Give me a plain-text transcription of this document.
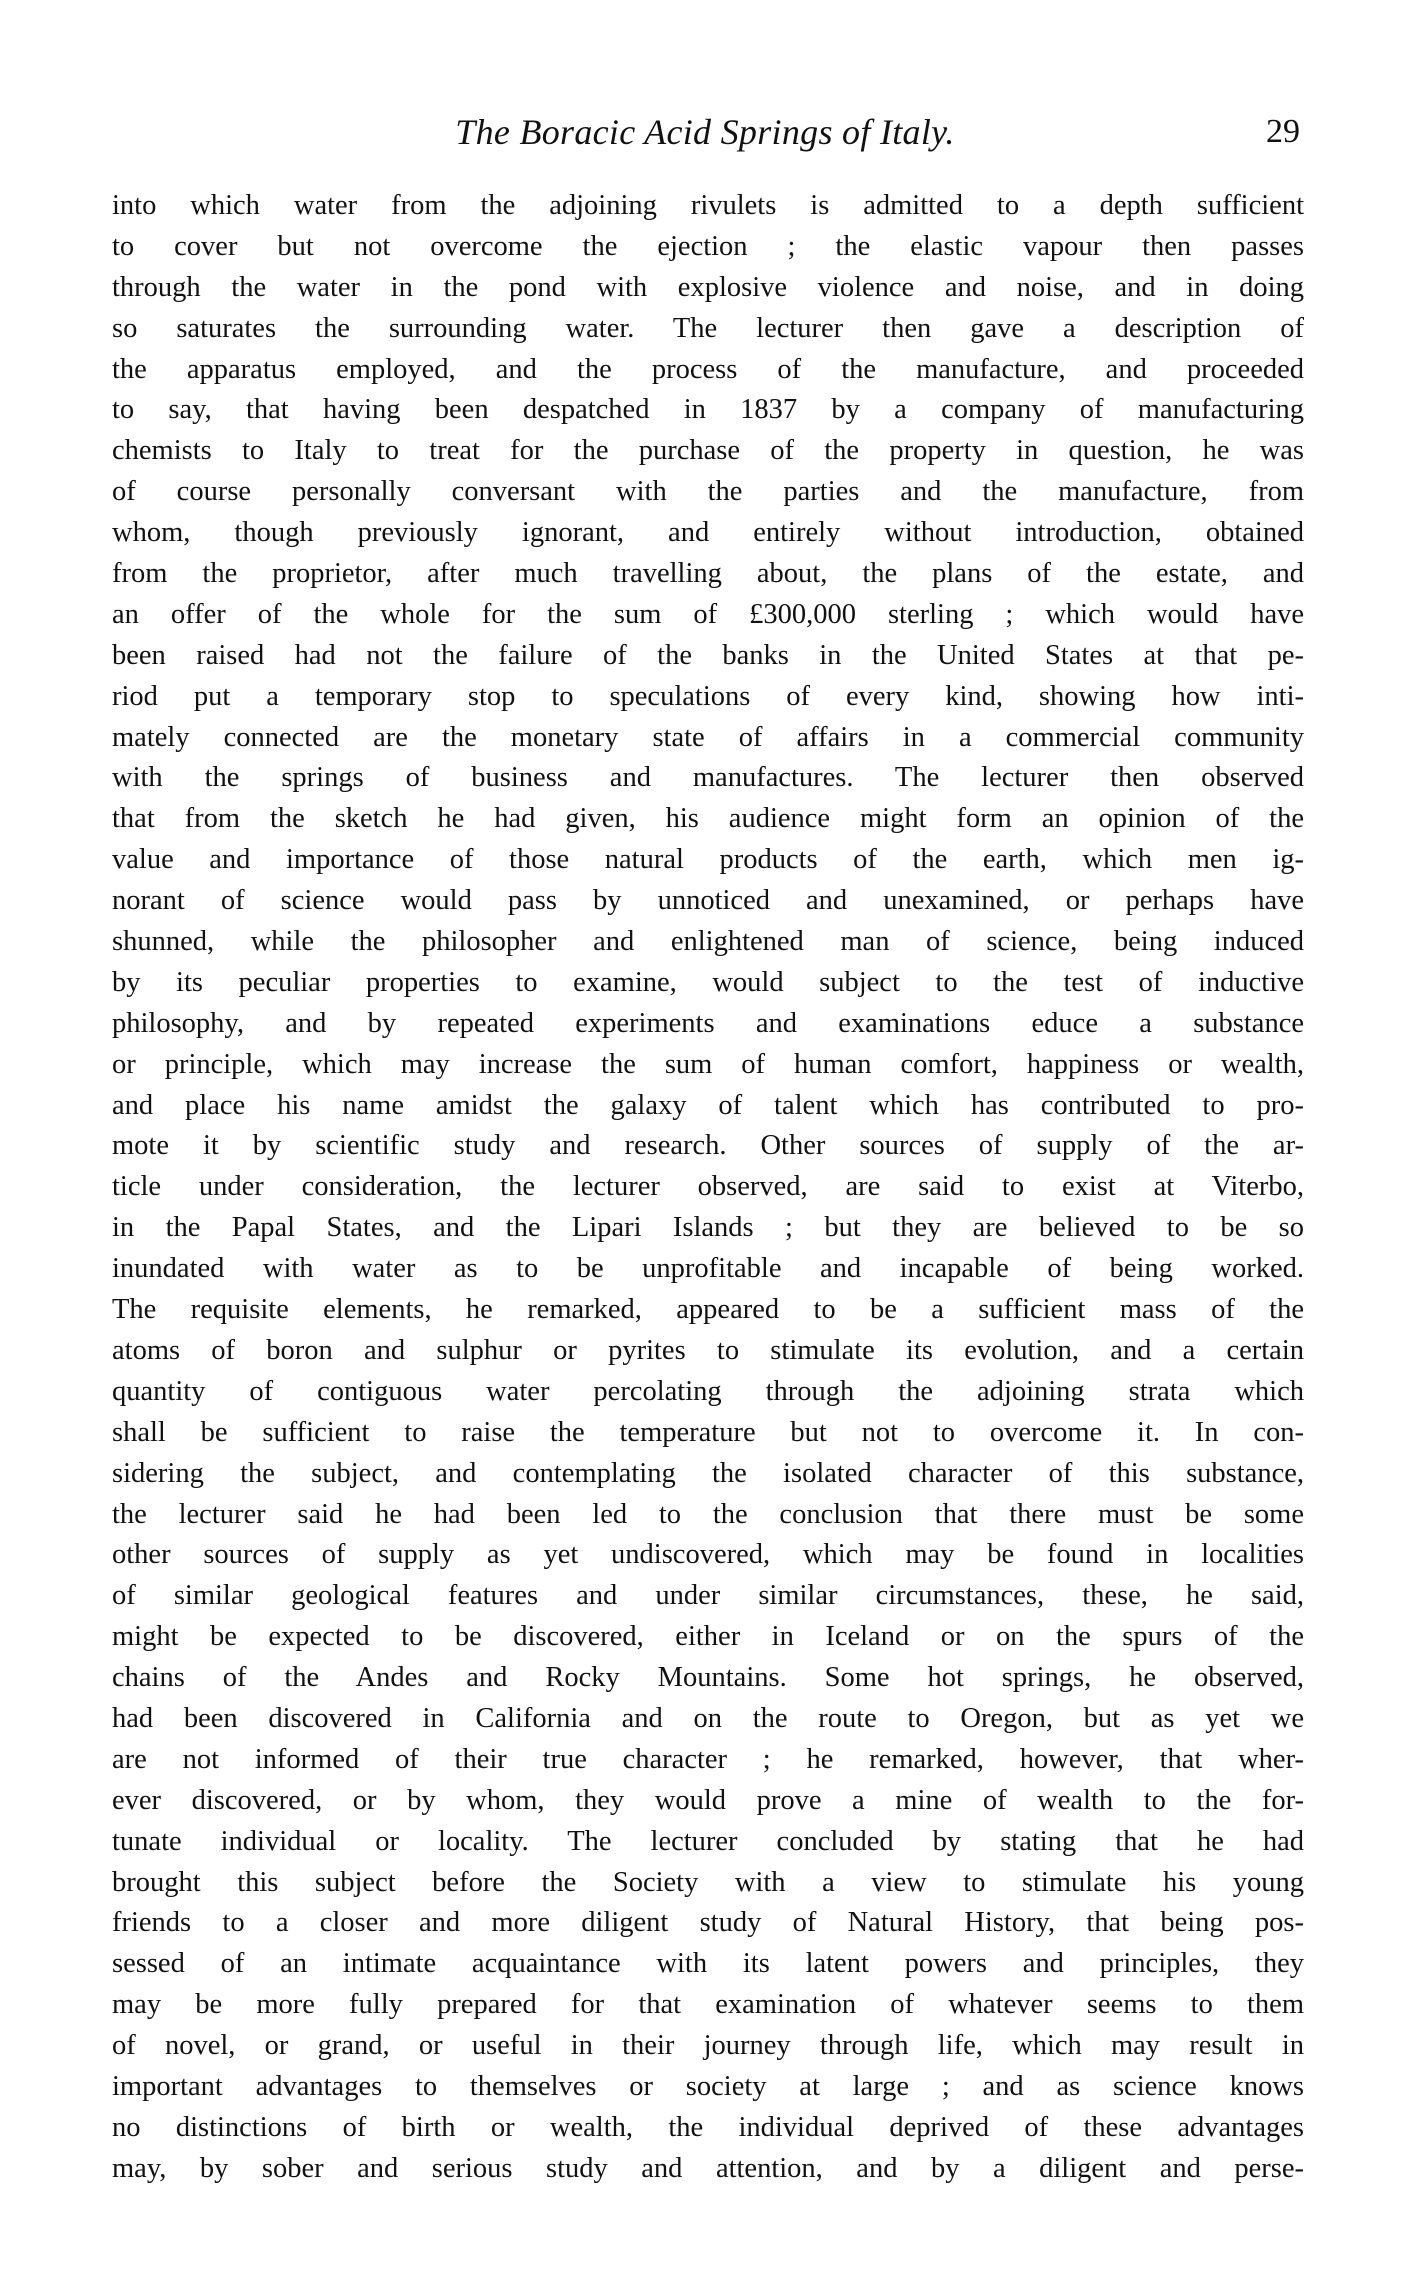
The Boracic Acid Springs of Italy.	29
into which water from the adjoining rivulets is admitted to a depth sufficient
to cover but not overcome the ejection ; the elastic vapour then passes
through the water in the pond with explosive violence and noise, and in doing
so saturates the surrounding water. The lecturer then gave a description of
the apparatus employed, and the process of the manufacture, and proceeded
to say, that having been despatched in 1837 by a company of manufacturing
chemists to Italy to treat for the purchase of the property in question, he was
of course personally conversant with the parties and the manufacture, from
whom, though previously ignorant, and entirely without introduction, obtained
from the proprietor, after much travelling about, the plans of the estate, and
an offer of the whole for the sum of £300,000 sterling ; which would have
been raised had not the failure of the banks in the United States at that pe-
riod put a temporary stop to speculations of every kind, showing how inti-
mately connected are the monetary state of affairs in a commercial community
with the springs of business and manufactures. The lecturer then observed
that from the sketch he had given, his audience might form an opinion of the
value and importance of those natural products of the earth, which men ig-
norant of science would pass by unnoticed and unexamined, or perhaps have
shunned, while the philosopher and enlightened man of science, being induced
by its peculiar properties to examine, would subject to the test of inductive
philosophy, and by repeated experiments and examinations educe a substance
or principle, which may increase the sum of human comfort, happiness or wealth,
and place his name amidst the galaxy of talent which has contributed to pro-
mote it by scientific study and research. Other sources of supply of the ar-
ticle under consideration, the lecturer observed, are said to exist at Viterbo,
in the Papal States, and the Lipari Islands ; but they are believed to be so
inundated with water as to be unprofitable and incapable of being worked.
The requisite elements, he remarked, appeared to be a sufficient mass of the
atoms of boron and sulphur or pyrites to stimulate its evolution, and a certain
quantity of contiguous water percolating through the adjoining strata which
shall be sufficient to raise the temperature but not to overcome it. In con-
sidering the subject, and contemplating the isolated character of this substance,
the lecturer said he had been led to the conclusion that there must be some
other sources of supply as yet undiscovered, which may be found in localities
of similar geological features and under similar circumstances, these, he said,
might be expected to be discovered, either in Iceland or on the spurs of the
chains of the Andes and Rocky Mountains. Some hot springs, he observed,
had been discovered in California and on the route to Oregon, but as yet we
are not informed of their true character ; he remarked, however, that wher-
ever discovered, or by whom, they would prove a mine of wealth to the for-
tunate individual or locality. The lecturer concluded by stating that he had
brought this subject before the Society with a view to stimulate his young
friends to a closer and more diligent study of Natural History, that being pos-
sessed of an intimate acquaintance with its latent powers and principles, they
may be more fully prepared for that examination of whatever seems to them
of novel, or grand, or useful in their journey through life, which may result in
important advantages to themselves or society at large ; and as science knows
no distinctions of birth or wealth, the individual deprived of these advantages
may, by sober and serious study and attention, and by a diligent and perse-
